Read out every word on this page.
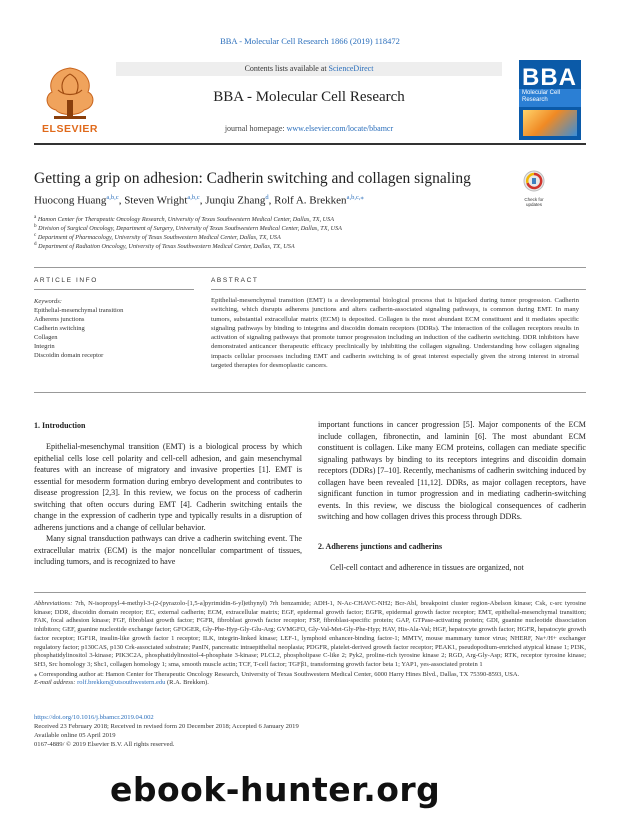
BBA - Molecular Cell Research 1866 (2019) 118472
ELSEVIER
Contents lists available at ScienceDirect
BBA - Molecular Cell Research
journal homepage: www.elsevier.com/locate/bbamcr
BBA
Molecular Cell Research
Getting a grip on adhesion: Cadherin switching and collagen signaling
Check for updates
Huocong Huang$^{a,b,c}$, Steven Wright$^{a,b,c}$, Junqiu Zhang$^d$, Rolf A. Brekken$^{a,b,c,⁎}$
$^a$ Hamon Center for Therapeutic Oncology Research, University of Texas Southwestern Medical Center, Dallas, TX, USA
$^b$ Division of Surgical Oncology, Department of Surgery, University of Texas Southwestern Medical Center, Dallas, TX, USA
$^c$ Department of Pharmacology, University of Texas Southwestern Medical Center, Dallas, TX, USA
$^d$ Department of Radiation Oncology, University of Texas Southwestern Medical Center, Dallas, TX, USA
ARTICLE INFO	ABSTRACT
Keywords:
Epithelial-mesenchymal transition
Adherens junctions
Cadherin switching
Collagen
Integrin
Discoidin domain receptor
Epithelial-mesenchymal transition (EMT) is a developmental biological process that is hijacked during tumor progression. Cadherin switching, which disrupts adherens junctions and alters cadherin-associated signaling pathways, is common during EMT. In many tumors, substantial extracellular matrix (ECM) is deposited. Collagen is the most abundant ECM constituent and it mediates specific signaling pathways by binding to integrins and discoidin domain receptors (DDRs). The interaction of the collagen receptors results in activation of signaling pathways that promote tumor progression including an induction of the cadherin switching. DDR inhibitors have demonstrated anticancer therapeutic efficacy preclinically by inhibiting the collagen signaling. Understanding how collagen signaling impacts cellular processes including EMT and cadherin switching is of great interest especially given the strong interest in stromal targeted therapies for desmoplastic cancers.
1. Introduction

Epithelial-mesenchymal transition (EMT) is a biological process by which epithelial cells lose cell polarity and cell-cell adhesion, and gain mesenchymal features with an increase of migratory and invasive properties [1]. EMT is essential for mesoderm formation during embryo development and contributes to disease progression [2,3]. In this review, we focus on the process of cadherin switching that often occurs during EMT [4]. Cadherin switching entails the change in the expression of cadherin type and typically results in a disruption of adherens junctions and a change of cellular behavior.

Many signal transduction pathways can drive a cadherin switching event. The extracellular matrix (ECM) is the major noncellular compartment of tissues, including tumors, and is recognized to have

important functions in cancer progression [5]. Major components of the ECM include collagen, fibronectin, and laminin [6]. The most abundant ECM constituent is collagen. Like many ECM proteins, collagen can mediate specific signaling pathways by binding to its receptors integrins and discoidin domain receptors (DDRs) [7–10]. Recently, mechanisms of cadherin switching induced by collagen have been revealed [11,12]. DDRs, as major collagen receptors, have significant function in tumor progression and in mediating cadherin-switching events. In this review, we discuss the biological consequences of cadherin switching and how collagen drives this process through DDRs.

2. Adherens junctions and cadherins

Cell-cell contact and adherence in tissues are organized, not

Abbreviations: 7rh, N-isopropyl-4-methyl-3-(2-(pyrazolo-[1,5-a]pyrimidin-6-yl)ethynyl) 7rh benzamide; ADH-1, N-Ac-CHAVC-NH2; Bcr-Abl, breakpoint cluster region-Abelson kinase; Csk, c-src tyrosine kinase; DDR, discoidin domain receptor; EC, external cadherin; ECM, extracellular matrix; EGF, epidermal growth factor; EGFR, epidermal growth factor receptor; EMT, epithelial-mesenchymal transition; FAK, focal adhesion kinase; FGF, fibroblast growth factor; FGFR, fibroblast growth factor receptor; FSP, fibroblast-specific protein; GAP, GTPase-activating protein; GDI, guanine nucleotide dissociation inhibitors; GEF, guanine nucleotide exchange factor; GFOGER, Gly-Phe-Hyp-Gly-Glu-Arg; GVMGFO, Gly-Val-Met-Gly-Phe-Hyp; HAV, His-Ala-Val; HGF, hepatocyte growth factor; HGFR, hepatocyte growth factor receptor; IGF1R, insulin-like growth factor 1 receptor; ILK, integrin-linked kinase; LEF-1, lymphoid enhancer-binding factor-1; MMTV, mouse mammary tumor virus; NHERF, Na+/H+ exchanger regulatory factor; p130CAS, p130 Crk-associated substrate; PanIN, pancreatic intraepithelial neoplasia; PDGFR, platelet-derived growth factor receptor; PEAK1, pseudopodium-enriched atypical kinase 1; PI3K, phosphatidylinositol 3-kinase; PIK3C2A, phosphatidylinositol-4-phosphate 3-kinase; PLCL2, phospholipase C-like 2; Pyk2, proline-rich tyrosine kinase 2; RGD, Arg-Gly-Asp; RTK, receptor tyrosine kinase; SH3, Src homology 3; Shc1, collagen homology 1; sma, smooth muscle actin; TCF, T-cell factor; TGFβ1, transforming growth factor beta 1; YAP1, yes-associated protein 1
⁎ Corresponding author at: Hamon Center for Therapeutic Oncology Research, University of Texas Southwestern Medical Center, 6000 Harry Hines Blvd., Dallas, TX 75390-8593, USA.
E-mail address: rolf.brekken@utsouthwestern.edu (R.A. Brekken).
https://doi.org/10.1016/j.bbamcr.2019.04.002
Received 23 February 2018; Received in revised form 20 December 2018; Accepted 6 January 2019
Available online 05 April 2019
0167-4889/ © 2019 Elsevier B.V. All rights reserved.
ebook-hunter.org
